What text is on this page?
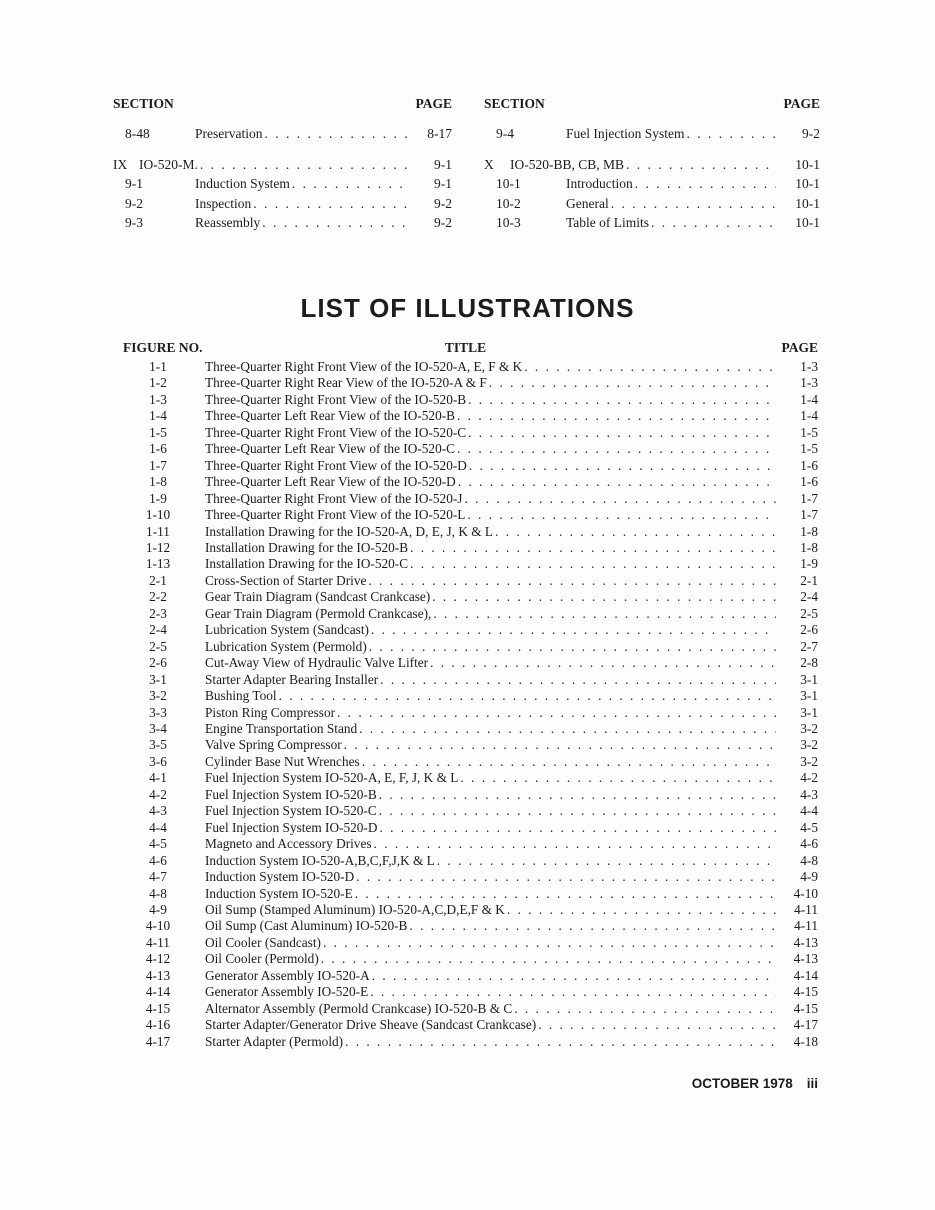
SECTION	PAGE
8-48	Preservation . . .	8-17
IX IO-520-M. . . .	9-1
9-1	Induction System . . .	9-1
9-2	Inspection . . .	9-2
9-3	Reassembly . . .	9-2
SECTION	PAGE
9-4	Fuel Injection System . . .	9-2
X	IO-520-BB, CB, MB . . .	10-1
10-1	Introduction . . .	10-1
10-2	General . . .	10-1
10-3	Table of Limits . . .	10-1
LIST OF ILLUSTRATIONS
FIGURE NO.	TITLE	PAGE
1-1	Three-Quarter Right Front View of the IO-520-A, E, F & K . . .	1-3
1-2	Three-Quarter Right Rear View of the IO-520-A & F . . .	1-3
1-3	Three-Quarter Right Front View of the IO-520-B . . .	1-4
1-4	Three-Quarter Left Rear View of the IO-520-B . . .	1-4
1-5	Three-Quarter Right Front View of the IO-520-C . . .	1-5
1-6	Three-Quarter Left Rear View of the IO-520-C . . .	1-5
1-7	Three-Quarter Right Front View of the IO-520-D . . .	1-6
1-8	Three-Quarter Left Rear View of the IO-520-D . . .	1-6
1-9	Three-Quarter Right Front View of the IO-520-J . . .	1-7
1-10	Three-Quarter Right Front View of the IO-520-L . . .	1-7
1-11	Installation Drawing for the IO-520-A, D, E, J, K & L . . .	1-8
1-12	Installation Drawing for the IO-520-B . . .	1-8
1-13	Installation Drawing for the IO-520-C . . .	1-9
2-1	Cross-Section of Starter Drive . . .	2-1
2-2	Gear Train Diagram (Sandcast Crankcase) . . .	2-4
2-3	Gear Train Diagram (Permold Crankcase), . . .	2-5
2-4	Lubrication System (Sandcast) . . .	2-6
2-5	Lubrication System (Permold) . . .	2-7
2-6	Cut-Away View of Hydraulic Valve Lifter . . .	2-8
3-1	Starter Adapter Bearing Installer . . .	3-1
3-2	Bushing Tool . . .	3-1
3-3	Piston Ring Compressor . . .	3-1
3-4	Engine Transportation Stand . . .	3-2
3-5	Valve Spring Compressor . . .	3-2
3-6	Cylinder Base Nut Wrenches . . .	3-2
4-1	Fuel Injection System IO-520-A, E, F, J, K & L . . .	4-2
4-2	Fuel Injection System IO-520-B . . .	4-3
4-3	Fuel Injection System IO-520-C . . .	4-4
4-4	Fuel Injection System IO-520-D . . .	4-5
4-5	Magneto and Accessory Drives . . .	4-6
4-6	Induction System IO-520-A,B,C,F,J,K & L . . .	4-8
4-7	Induction System IO-520-D . . .	4-9
4-8	Induction System IO-520-E . . .	4-10
4-9	Oil Sump (Stamped Aluminum) IO-520-A,C,D,E,F & K . . .	4-11
4-10	Oil Sump (Cast Aluminum) IO-520-B . . .	4-11
4-11	Oil Cooler (Sandcast) . . .	4-13
4-12	Oil Cooler (Permold) . . .	4-13
4-13	Generator Assembly IO-520-A . . .	4-14
4-14	Generator Assembly IO-520-E . . .	4-15
4-15	Alternator Assembly (Permold Crankcase) IO-520-B & C . . .	4-15
4-16	Starter Adapter/Generator Drive Sheave (Sandcast Crankcase) . . .	4-17
4-17	Starter Adapter (Permold) . . .	4-18
OCTOBER 1978 iii
